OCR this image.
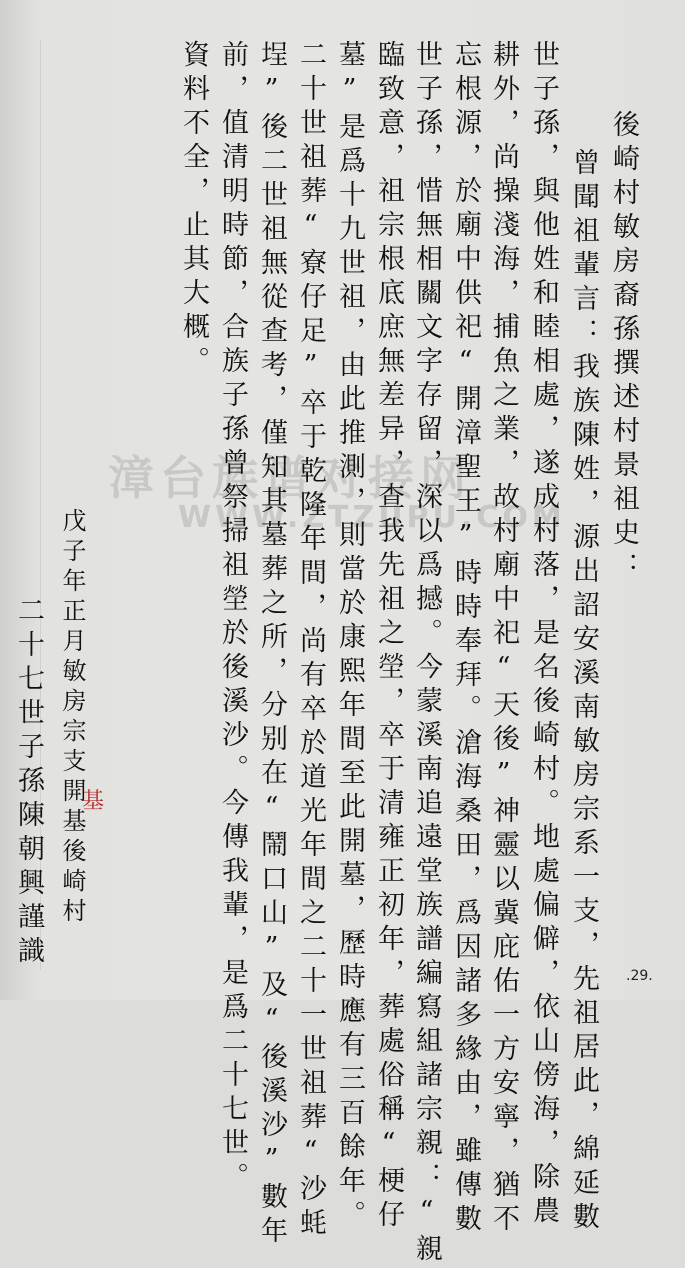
漳台族谱对接网
WWW.ZTZUPU.COM 後崎村敏房裔孫撰述村景祖史：
曾聞祖輩言：我族陳姓，源出詔安溪南敏房宗系一支，先祖居此，綿延數
世子孫，與他姓和睦相處，遂成村落，是名後崎村。地處偏僻，依山傍海，除農
耕外，尚操淺海，捕魚之業，故村廟中祀“天後”神靈以冀庇佑一方安寧，猶不
忘根源，於廟中供祀“開漳聖王”時時奉拜。滄海桑田，爲因諸多緣由，雖傳數
世子孫，惜無相關文字存留，深以爲撼。今蒙溪南追遠堂族譜編寫組諸宗親：“親
臨致意，祖宗根底庶無差异，查我先祖之塋，卒于清雍正初年，葬處俗稱“梗仔
墓”是爲十九世祖，由此推測，則當於康熙年間至此開墓，歷時應有三百餘年。
二十世祖葬“寮仔足”卒于乾隆年間，尚有卒於道光年間之二十一世祖葬“沙蚝
埕”後二世祖無從查考，僅知其墓葬之所，分别在“鬧口山”及“後溪沙”數年
前，值清明時節，合族子孫曾祭掃祖塋於後溪沙。今傳我輩，是爲二十七世。
資料不全，止其大概。
戊子年正月敏房宗支開基後崎村
二十七世子孫陳朝興謹識 基
.29.
